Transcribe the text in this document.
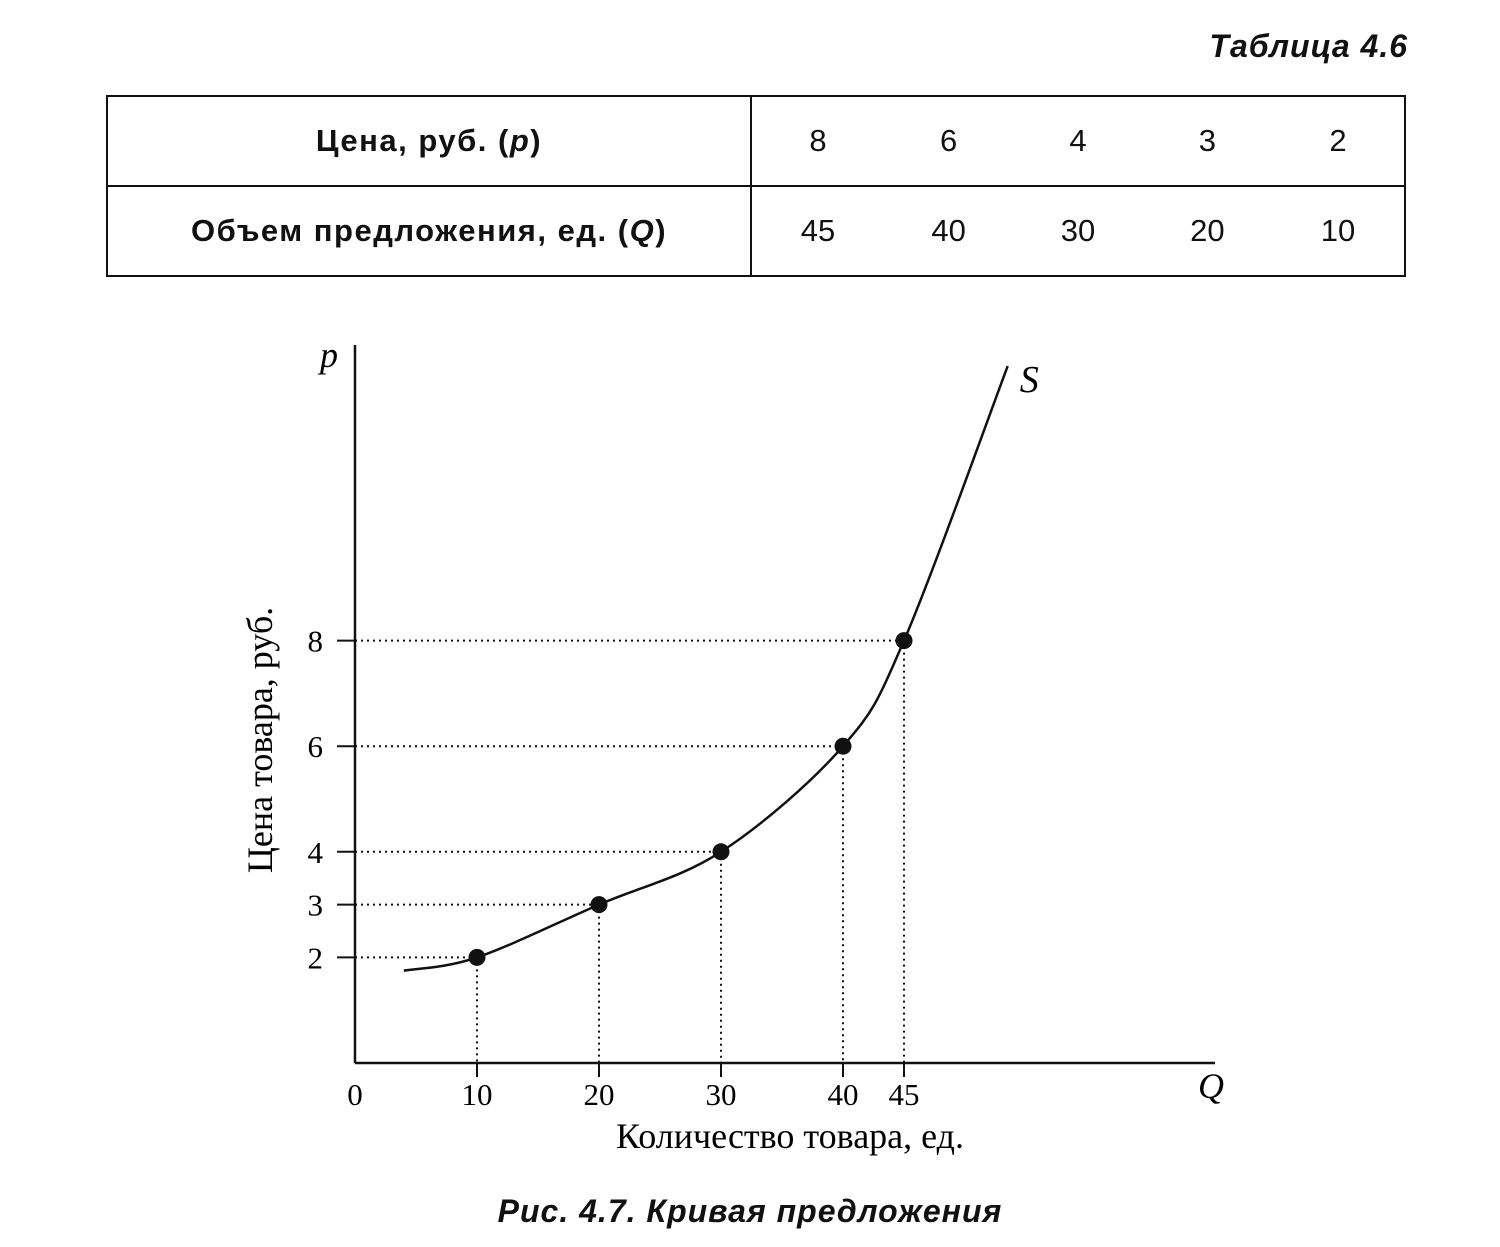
Таблица 4.6
Цена, руб. (р)	8	6	4	3	2
Объем предложения, ед. (Q)	45	40	30	20	10
p
Q
0
2
10
3
20
4
30
6
40
8
45
S
Количество товара, ед.
Цена товара, руб.
Рис. 4.7. Кривая предложения
